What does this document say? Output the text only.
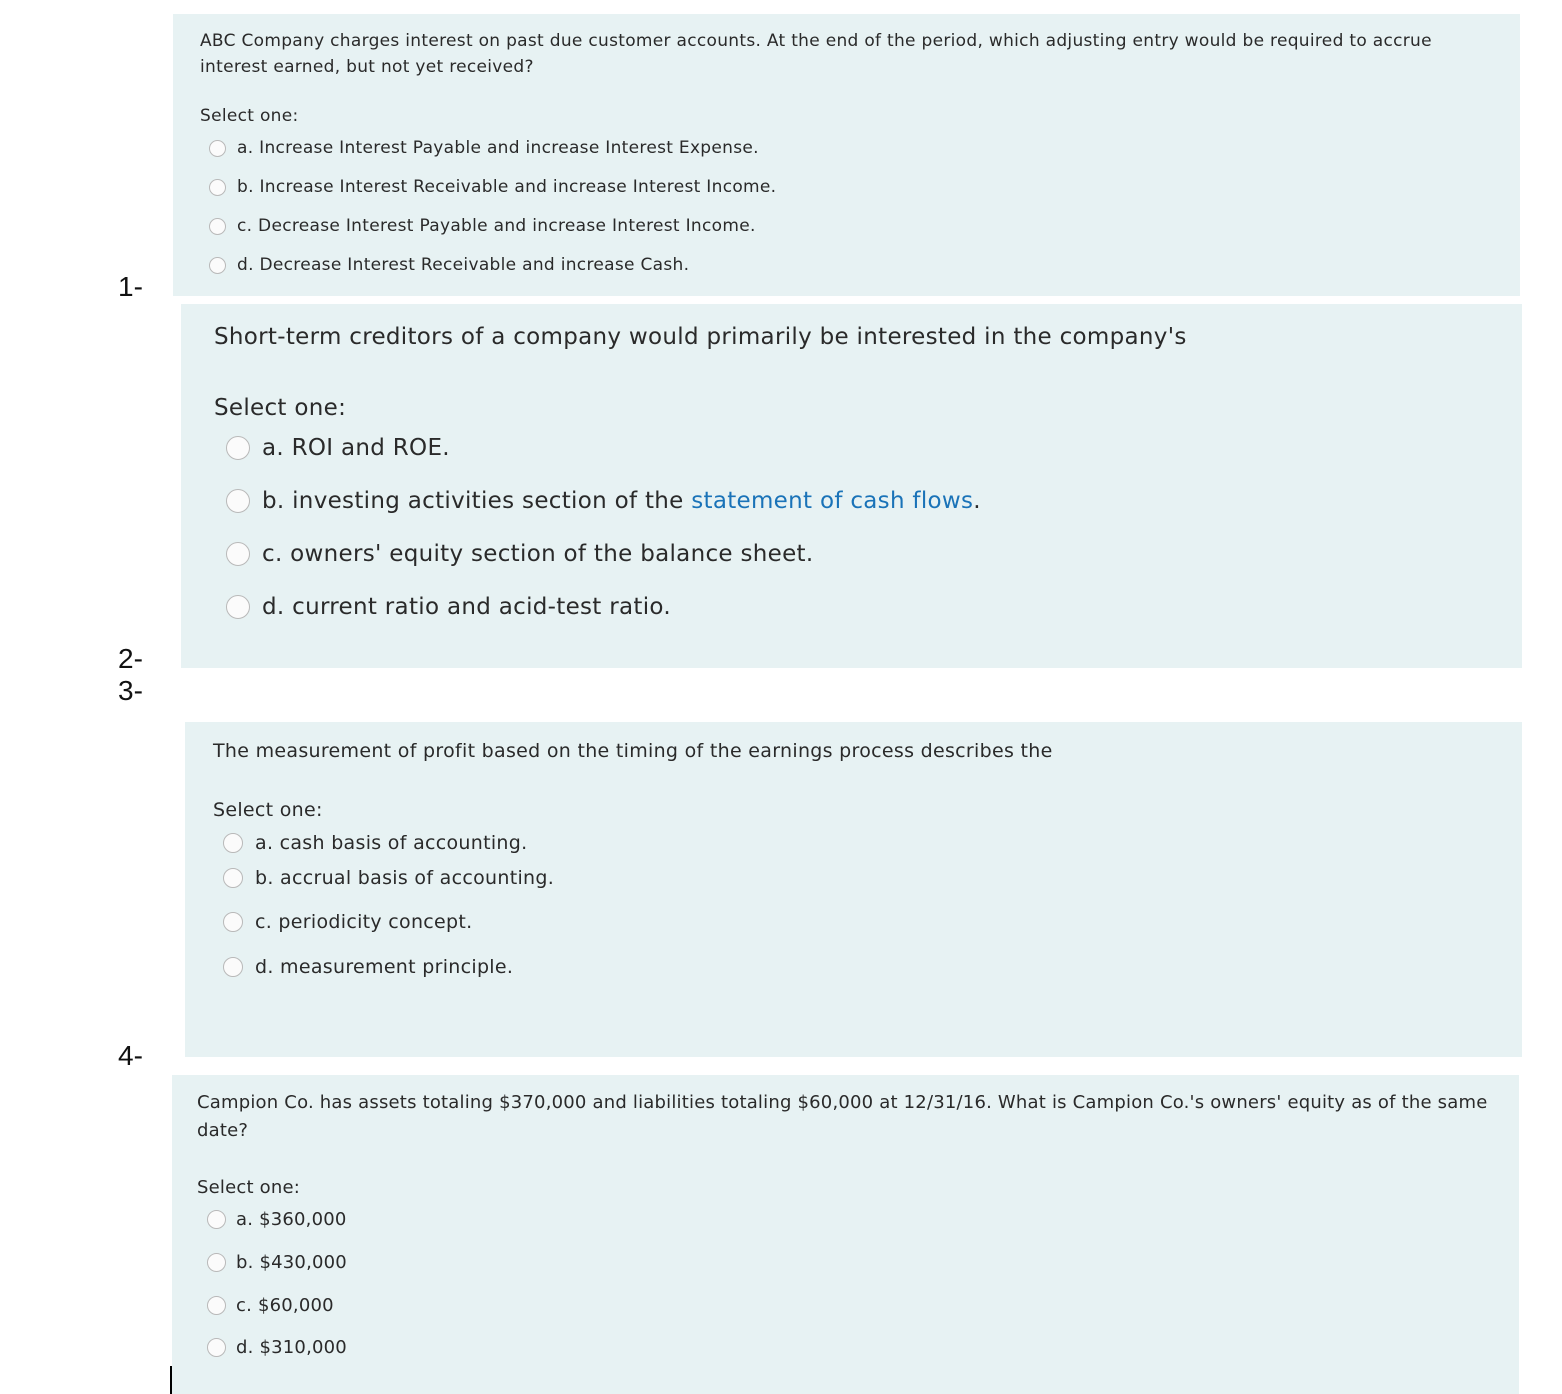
1-
2-
3-
4-
ABC Company charges interest on past due customer accounts. At the end of the period, which adjusting entry would be required to accrue interest earned, but not yet received?
Select one:
a. Increase Interest Payable and increase Interest Expense.
b. Increase Interest Receivable and increase Interest Income.
c. Decrease Interest Payable and increase Interest Income.
d. Decrease Interest Receivable and increase Cash.
Short-term creditors of a company would primarily be interested in the company's
Select one:
a. ROI and ROE.
b. investing activities section of the statement of cash flows.
c. owners' equity section of the balance sheet.
d. current ratio and acid-test ratio.
The measurement of profit based on the timing of the earnings process describes the
Select one:
a. cash basis of accounting.
b. accrual basis of accounting.
c. periodicity concept.
d. measurement principle.
Campion Co. has assets totaling $370,000 and liabilities totaling $60,000 at 12/31/16. What is Campion Co.'s owners' equity as of the same date?
Select one:
a. $360,000
b. $430,000
c. $60,000
d. $310,000
